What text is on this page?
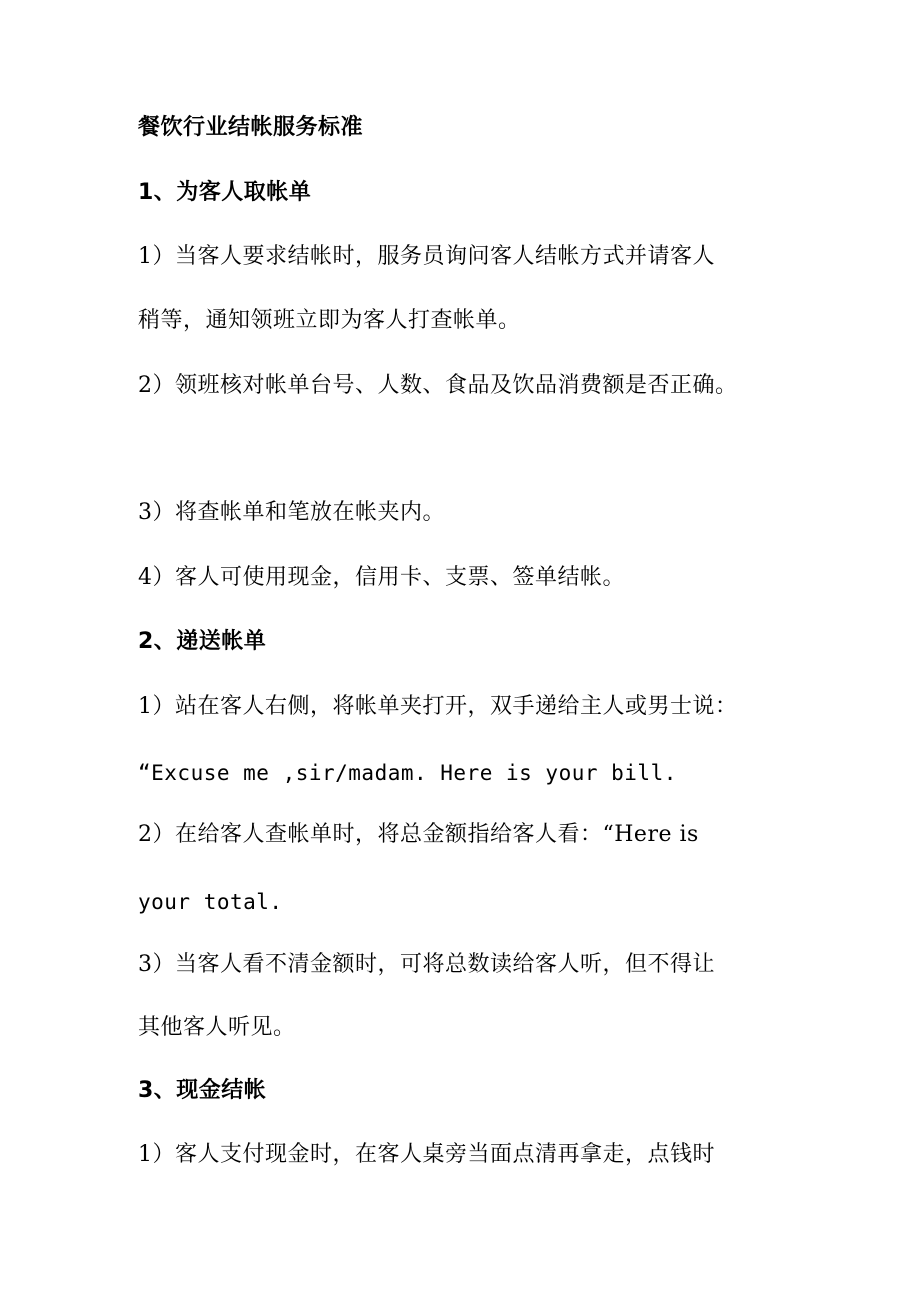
餐饮行业结帐服务标准
1、为客人取帐单
1）当客人要求结帐时，服务员询问客人结帐方式并请客人
稍等，通知领班立即为客人打查帐单。
2）领班核对帐单台号、人数、食品及饮品消费额是否正确。
3）将查帐单和笔放在帐夹内。
4）客人可使用现金，信用卡、支票、签单结帐。
2、递送帐单
1）站在客人右侧，将帐单夹打开，双手递给主人或男士说：
“Excuse me ,sir/madam. Here is your bill.
2）在给客人查帐单时，将总金额指给客人看：“Here is
your total.
3）当客人看不清金额时，可将总数读给客人听，但不得让
其他客人听见。
3、现金结帐
1）客人支付现金时，在客人桌旁当面点清再拿走，点钱时
